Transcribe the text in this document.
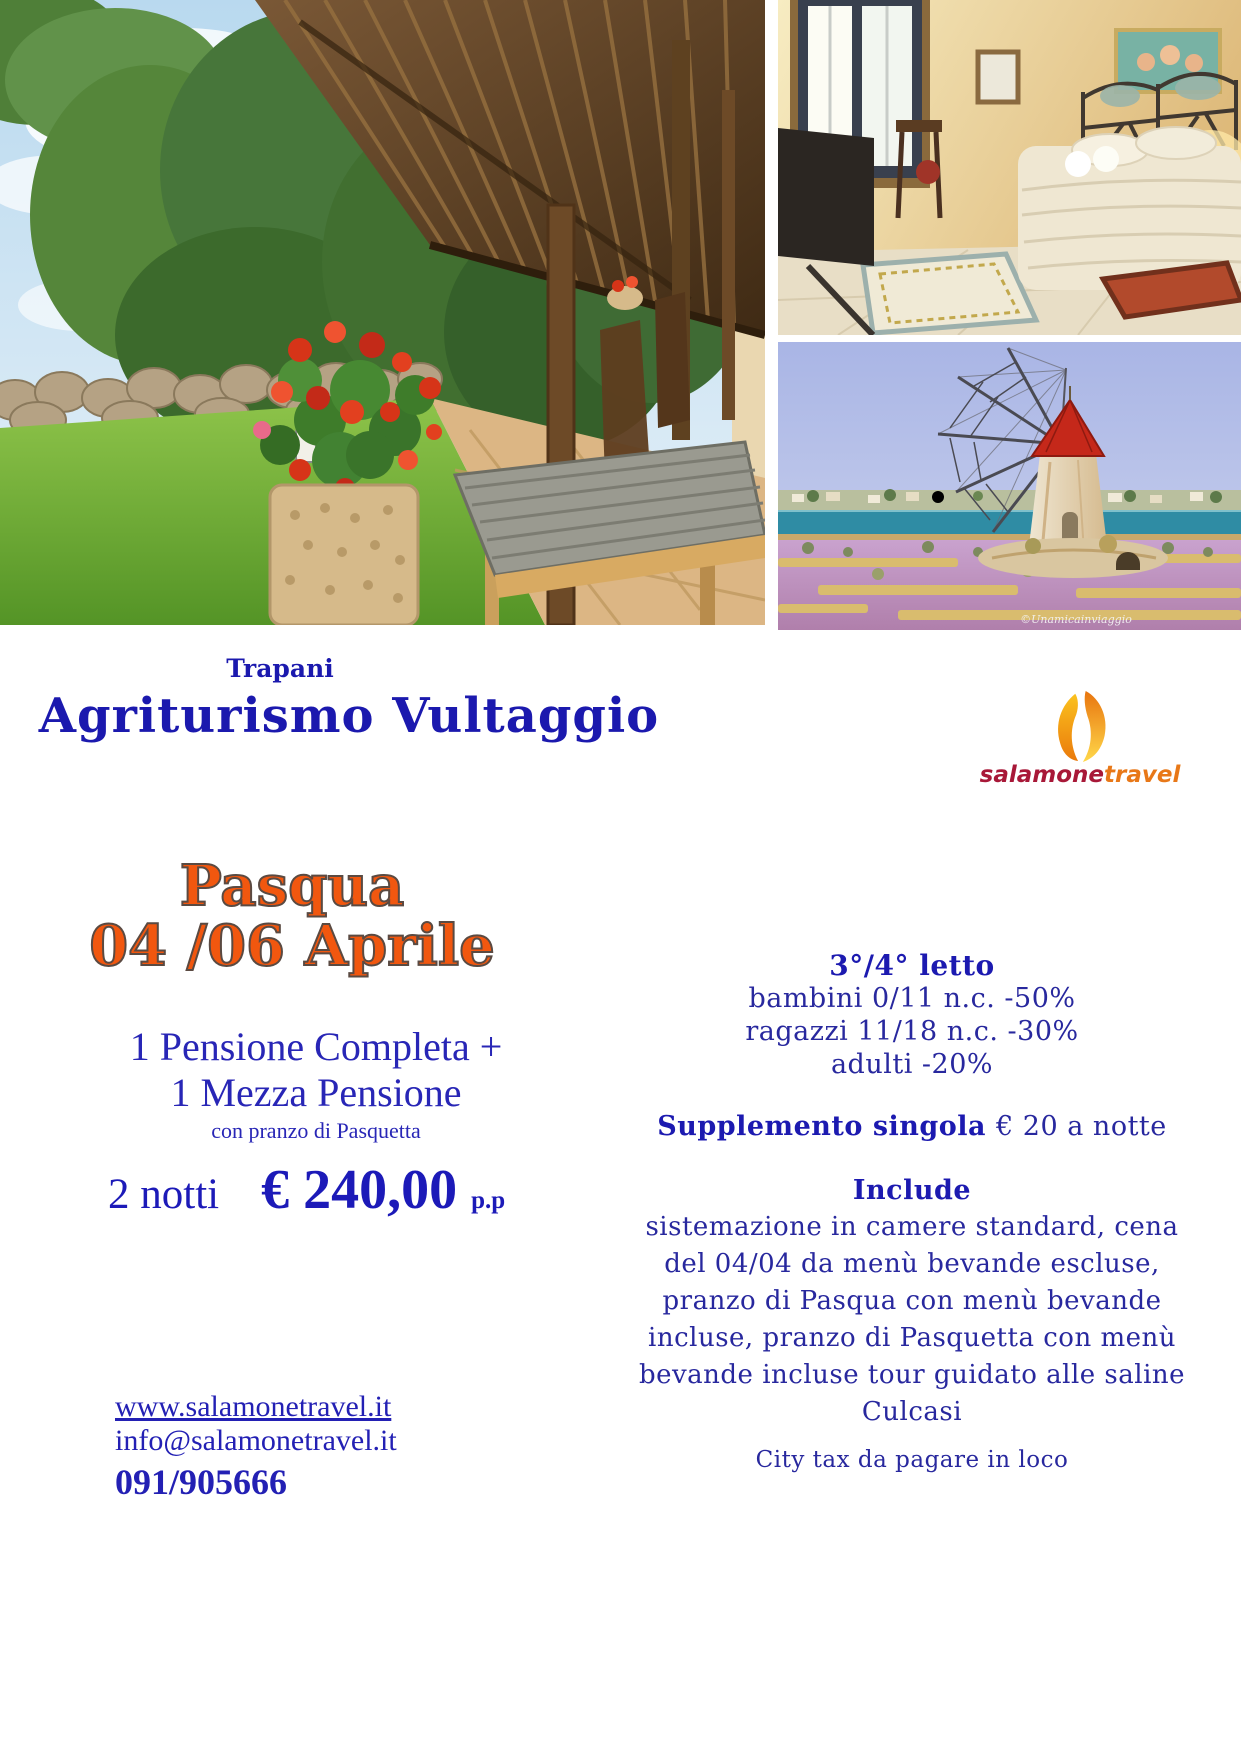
©Unamicainviaggio
Trapani
Agriturismo Vultaggio
salamonetravel
Pasqua
04 /06 Aprile
1 Pensione Completa +
1 Mezza Pensione
con pranzo di Pasquetta
2 notti € 240,00 p.p
3°/4° letto
bambini 0/11 n.c. -50%
ragazzi 11/18 n.c. -30%
adulti -20%
Supplemento singola € 20 a notte
Include
sistemazione in camere standard, cena del 04/04 da menù bevande escluse, pranzo di Pasqua con menù bevande incluse, pranzo di Pasquetta con menù bevande incluse tour guidato alle saline Culcasi
City tax da pagare in loco
www.salamonetravel.it
info@salamonetravel.it
091/905666
